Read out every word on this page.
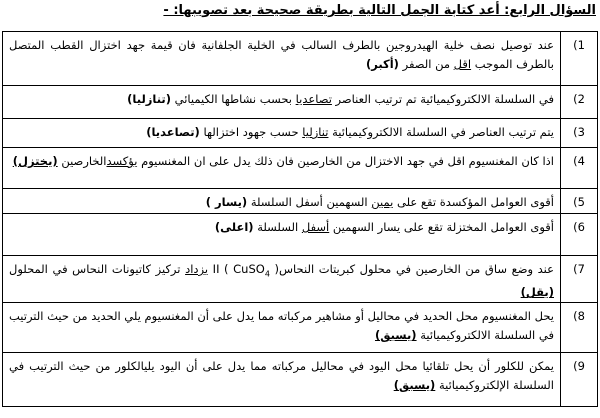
السؤال الرابع: أعد كتابة الجمل التالية بطريقة صحيحة بعد تصويبها: -
1)	عند توصيل نصف خلية الهيدروجين بالطرف السالب في الخلية الجلفانية فان قيمة جهد اختزال القطب المتصل بالطرف الموجب اقل من الصفر (أكبر)
2)	في السلسلة الالكتروكيميائية تم ترتيب العناصر تصاعديا بحسب نشاطها الكيميائي (تنازليا)
3)	يتم ترتيب العناصر في السلسلة الالكتروكيميائية تنازليا حسب جهود اختزالها (تصاعديا)
4)	اذا كان المغنسيوم اقل في جهد الاختزال من الخارصين فان ذلك يدل على ان المغنسيوم يؤكسدالخارصين (يختزل)
5)	أقوى العوامل المؤكسدة تقع على يمين السهمين أسفل السلسلة (يسار )
6)	أقوى العوامل المختزلة تقع على يسار السهمين أسفل السلسلة (اعلى)
7)	عند وضع ساق من الخارصين في محلول كبريتات النحاسII ( CuSO$_4$ ) يزداد تركيز كاتيونات النحاس في المحلول (يقل)
8)	يحل المغنسيوم محل الحديد في محاليل أو مشاهير مركباته مما يدل على أن المغنسيوم يلي الحديد من حيث الترتيب في السلسلة الالكتروكيميائية (يسبق)
9)	يمكن للكلور أن يحل تلقائيا محل اليود في محاليل مركباته مما يدل على أن اليود يليالكلور من حيث الترتيب في السلسلة الإلكتروكيميائية (يسبق)
